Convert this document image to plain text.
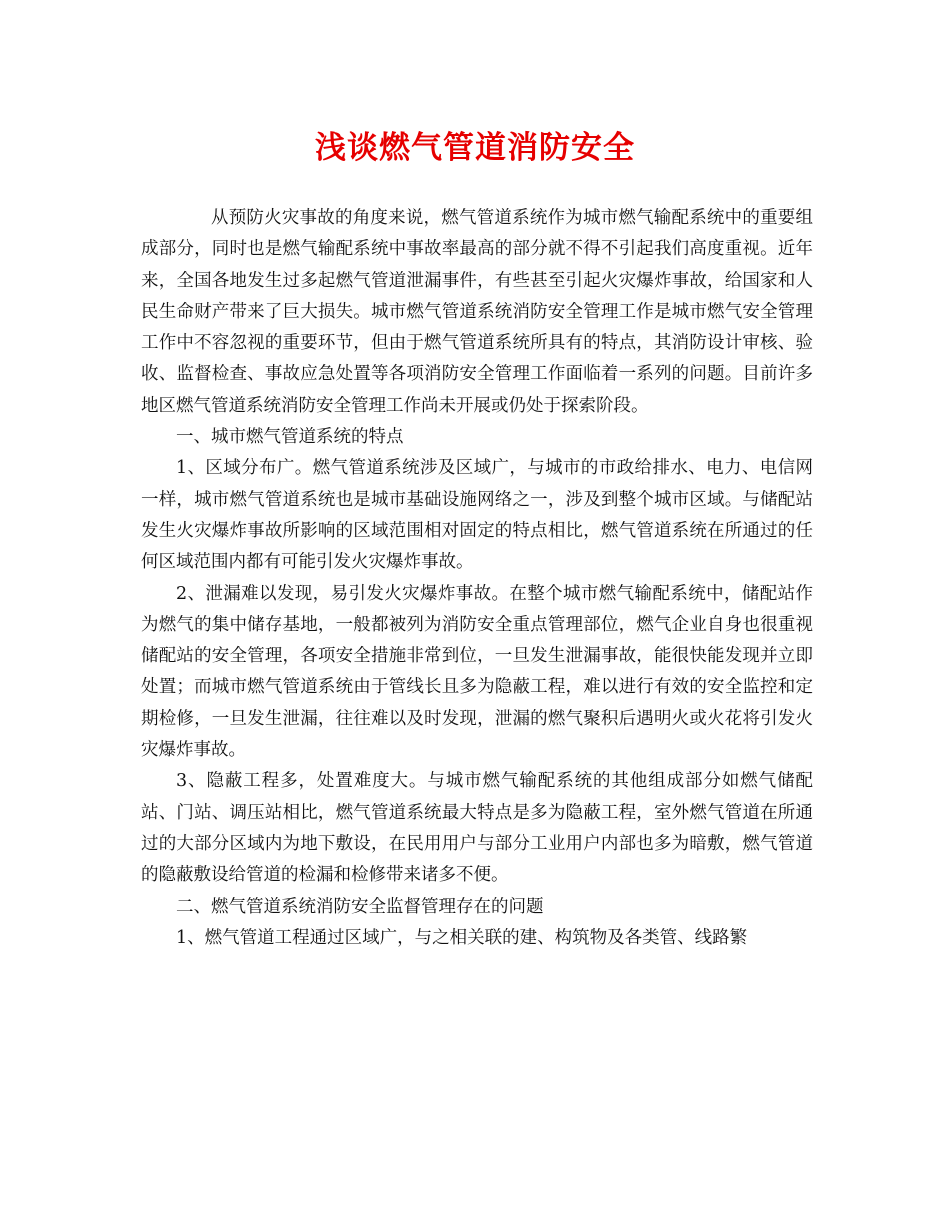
浅谈燃气管道消防安全

从预防火灾事故的角度来说，燃气管道系统作为城市燃气输配系统中的重要组成部分，同时也是燃气输配系统中事故率最高的部分就不得不引起我们高度重视。近年来，全国各地发生过多起燃气管道泄漏事件，有些甚至引起火灾爆炸事故，给国家和人民生命财产带来了巨大损失。城市燃气管道系统消防安全管理工作是城市燃气安全管理工作中不容忽视的重要环节，但由于燃气管道系统所具有的特点，其消防设计审核、验收、监督检查、事故应急处置等各项消防安全管理工作面临着一系列的问题。目前许多地区燃气管道系统消防安全管理工作尚未开展或仍处于探索阶段。

一、城市燃气管道系统的特点

1、区域分布广。燃气管道系统涉及区域广，与城市的市政给排水、电力、电信网一样，城市燃气管道系统也是城市基础设施网络之一，涉及到整个城市区域。与储配站发生火灾爆炸事故所影响的区域范围相对固定的特点相比，燃气管道系统在所通过的任何区域范围内都有可能引发火灾爆炸事故。

2、泄漏难以发现，易引发火灾爆炸事故。在整个城市燃气输配系统中，储配站作为燃气的集中储存基地，一般都被列为消防安全重点管理部位，燃气企业自身也很重视储配站的安全管理，各项安全措施非常到位，一旦发生泄漏事故，能很快能发现并立即处置；而城市燃气管道系统由于管线长且多为隐蔽工程，难以进行有效的安全监控和定期检修，一旦发生泄漏，往往难以及时发现，泄漏的燃气聚积后遇明火或火花将引发火灾爆炸事故。

3、隐蔽工程多，处置难度大。与城市燃气输配系统的其他组成部分如燃气储配站、门站、调压站相比，燃气管道系统最大特点是多为隐蔽工程，室外燃气管道在所通过的大部分区域内为地下敷设，在民用用户与部分工业用户内部也多为暗敷，燃气管道的隐蔽敷设给管道的检漏和检修带来诸多不便。

二、燃气管道系统消防安全监督管理存在的问题

1、燃气管道工程通过区域广，与之相关联的建、构筑物及各类管、线路繁
